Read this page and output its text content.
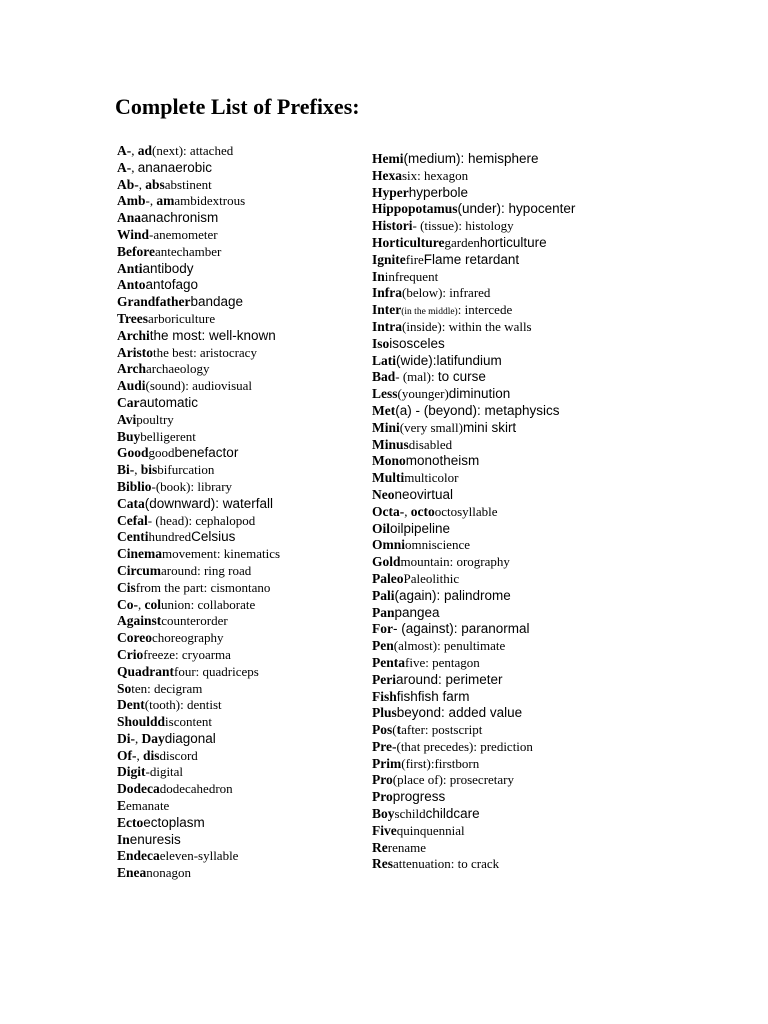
Complete List of Prefixes:
A-, ad(next): attached
A-, ananaerobic
Ab-, absabstinent
Amb-, amambidextrous
Anaanachronism
Wind-anemometer
Beforeantechamber
Antiantibody
Antoantofago
Grandfatherbandage
Treesarboriculture
Archithe most: well-known
Aristothe best: aristocracy
Archarchaeology
Audi(sound): audiovisual
Carautomatic
Avipoultry
Buybelligerent
Goodgoodbenefactor
Bi-, bisbifurcation
Biblio-(book): library
Cata(downward): waterfall
Cefal- (head): cephalopod
CentihundredCelsius
Cinemamovement: kinematics
Circumaround: ring road
Cisfrom the part: cismontano
Co-, colunion: collaborate
Againstcounterorder
Coreochoreography
Criofreeze: cryoarma
Quadrantfour: quadriceps
Soten: decigram
Dent(tooth): dentist
Shoulddiscontent
Di-, Daydiagonal
Of-, disdiscord
Digit-digital
Dodecadodecahedron
Eemanate
Ectoectoplasm
Inenuresis
Endecaeleven-syllable
Eneanonagon
Hemi(medium): hemisphere
Hexasix: hexagon
Hyperhyperbole
Hippopotamus(under): hypocenter
Histori- (tissue): histology
Horticulturegardenhorticulture
IgnitefireFlame retardant
Ininfrequent
Infra(below): infrared
Inter(in the middle): intercede
Intra(inside): within the walls
Isoisosceles
Lati(wide):latifundium
Bad- (mal): to curse
Less(younger)diminution
Met(a) - (beyond): metaphysics
Mini(very small)mini skirt
Minusdisabled
Monomonotheism
Multimulticolor
Neoneovirtual
Octa-, octooctosyllable
Oiloilpipeline
Omniomniscience
Goldmountain: orography
PaleoPaleolithic
Pali(again): palindrome
Panpangea
For- (against): paranormal
Pen(almost): penultimate
Pentafive: pentagon
Periaround: perimeter
Fishfishfish farm
Plusbeyond: added value
Pos(tafter: postscript
Pre-(that precedes): prediction
Prim(first):firstborn
Pro(place of): prosecretary
Proprogress
Boyschildchildcare
Fivequinquennial
Rerename
Resattenuation: to crack
